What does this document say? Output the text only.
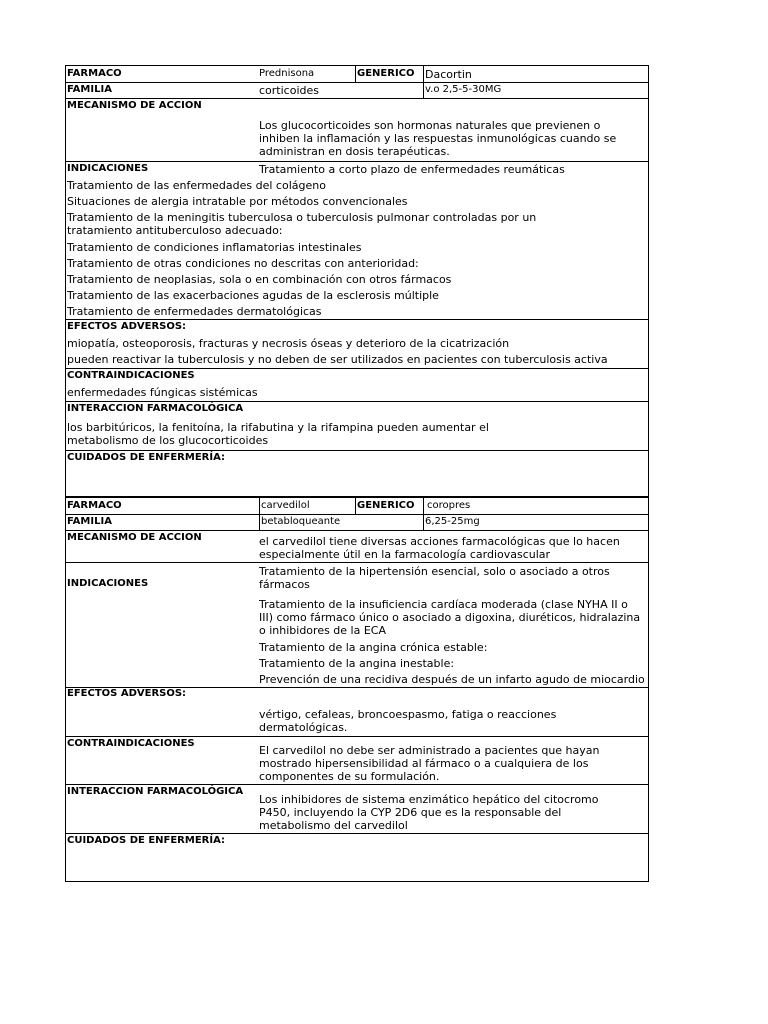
FARMACO	Prednisona	GENERICO Dacortin
FAMILIA	corticoides	v.o 2,5-5-30MG
MECANISMO DE ACCION
Los glucocorticoides son hormonas naturales que previenen o inhiben la inflamación y las respuestas inmunológicas cuando se administran en dosis terapéuticas.
INDICACIONES	Tratamiento a corto plazo de enfermedades reumáticas
Tratamiento de las enfermedades del colágeno
Situaciones de alergia intratable por métodos convencionales
Tratamiento de la meningitis tuberculosa o tuberculosis pulmonar controladas por un tratamiento antituberculoso adecuado:
Tratamiento de condiciones inflamatorias intestinales
Tratamiento de otras condiciones no descritas con anterioridad:
Tratamiento de neoplasias, sola o en combinación con otros fármacos
Tratamiento de las exacerbaciones agudas de la esclerosis múltiple
Tratamiento de enfermedades dermatológicas
EFECTOS ADVERSOS:
miopatía, osteoporosis, fracturas y necrosis óseas y deterioro de la cicatrización
pueden reactivar la tuberculosis y no deben de ser utilizados en pacientes con tuberculosis activa
CONTRAINDICACIONES
enfermedades fúngicas sistémicas
INTERACCION FARMACOLÓGICA
los barbitúricos, la fenitoína, la rifabutina y la rifampina pueden aumentar el metabolismo de los glucocorticoides
CUIDADOS DE ENFERMERÍA:
FARMACO	carvedilol	GENERICO coropres
FAMILIA	betabloqueante	6,25-25mg
MECANISMO DE ACCION	el carvedilol tiene diversas acciones farmacológicas que lo hacen especialmente útil en la farmacología cardiovascular
INDICACIONES
Tratamiento de la hipertensión esencial, solo o asociado a otros fármacos
Tratamiento de la insuficiencia cardíaca moderada (clase NYHA II o III) como fármaco único o asociado a digoxina, diuréticos, hidralazina o inhibidores de la ECA
Tratamiento de la angina crónica estable:
Tratamiento de la angina inestable:
Prevención de una recidiva después de un infarto agudo de miocardio
EFECTOS ADVERSOS:
vértigo, cefaleas, broncoespasmo, fatiga o reacciones dermatológicas.
CONTRAINDICACIONES
El carvedilol no debe ser administrado a pacientes que hayan mostrado hipersensibilidad al fármaco o a cualquiera de los componentes de su formulación.
INTERACCION FARMACOLÓGICA
Los inhibidores de sistema enzimático hepático del citocromo P450, incluyendo la CYP 2D6 que es la responsable del metabolismo del carvedilol
CUIDADOS DE ENFERMERÍA:
